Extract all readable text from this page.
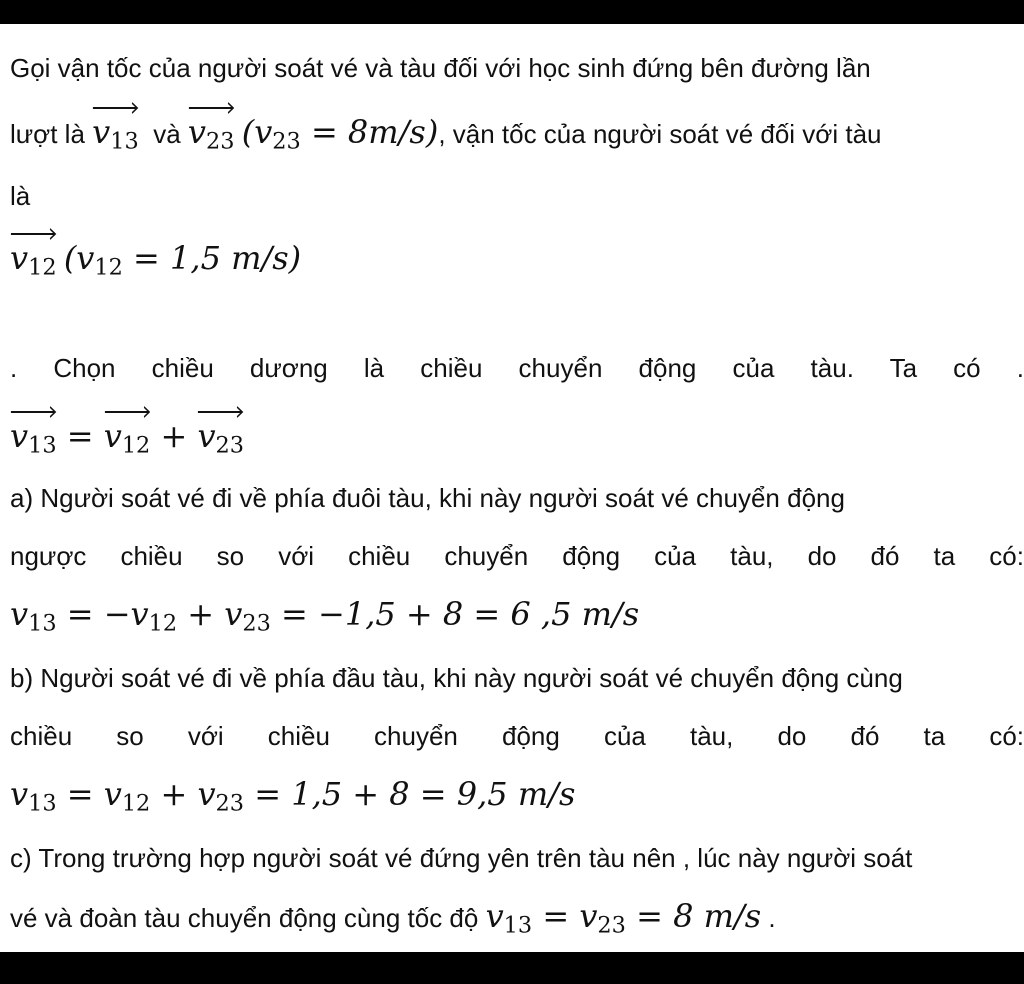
Gọi vận tốc của người soát vé và tàu đối với học sinh đứng bên đường lần
lượt là $v_{13}$ và $v_{23}$ $(v_{23} = 8m/s)$, vận tốc của người soát vé đối với tàu
là
$v_{12}$ ($v_{12} = 1,5$ m/s)
. Chọn chiều dương là chiều chuyển động của tàu. Ta có .
$v_{13}$ =
$v_{12}$ +
$v_{23}$
a) Người soát vé đi về phía đuôi tàu, khi này người soát vé chuyển động
ngược chiều so với chiều chuyển động của tàu, do đó ta có:
$v_{13} = -v_{12} + v_{23} = -1,5 + 8 = 6$ ,5 m/s
b) Người soát vé đi về phía đầu tàu, khi này người soát vé chuyển động cùng
chiều so với chiều chuyển động của tàu, do đó ta có:
$v_{13} = v_{12} + v_{23} = 1,5 + 8 = 9,5$ m/s
c) Trong trường hợp người soát vé đứng yên trên tàu nên , lúc này người soát
vé và đoàn tàu chuyển động cùng tốc độ $v_{13} = v_{23} = 8$ m/s .
